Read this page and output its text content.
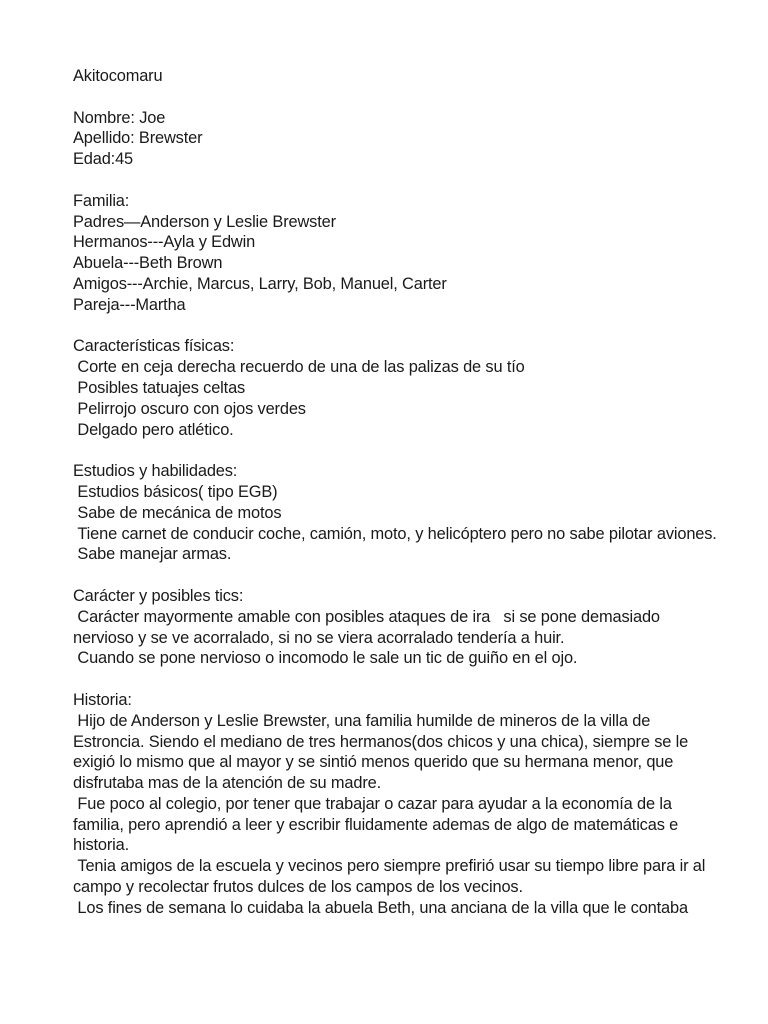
Akitocomaru

Nombre: Joe

Apellido: Brewster

Edad:45

Familia:

Padres—Anderson y Leslie Brewster

Hermanos---Ayla y Edwin

Abuela---Beth Brown

Amigos---Archie, Marcus, Larry, Bob, Manuel, Carter

Pareja---Martha

Características físicas:

Corte en ceja derecha recuerdo de una de las palizas de su tío

Posibles tatuajes celtas

Pelirrojo oscuro con ojos verdes

Delgado pero atlético.

Estudios y habilidades:

Estudios básicos( tipo EGB)

Sabe de mecánica de motos

Tiene carnet de conducir coche, camión, moto, y helicóptero pero no sabe pilotar aviones.

Sabe manejar armas.

Carácter y posibles tics:

Carácter mayormente amable con posibles ataques de ira   si se pone demasiado nervioso y se ve acorralado, si no se viera acorralado tendería a huir.

Cuando se pone nervioso o incomodo le sale un tic de guiño en el ojo.

Historia:

Hijo de Anderson y Leslie Brewster, una familia humilde de mineros de la villa de Estroncia. Siendo el mediano de tres hermanos(dos chicos y una chica), siempre se le exigió lo mismo que al mayor y se sintió menos querido que su hermana menor, que disfrutaba mas de la atención de su madre.

Fue poco al colegio, por tener que trabajar o cazar para ayudar a la economía de la familia, pero aprendió a leer y escribir fluidamente ademas de algo de matemáticas e historia.

Tenia amigos de la escuela y vecinos pero siempre prefirió usar su tiempo libre para ir al campo y recolectar frutos dulces de los campos de los vecinos.

Los fines de semana lo cuidaba la abuela Beth, una anciana de la villa que le contaba
